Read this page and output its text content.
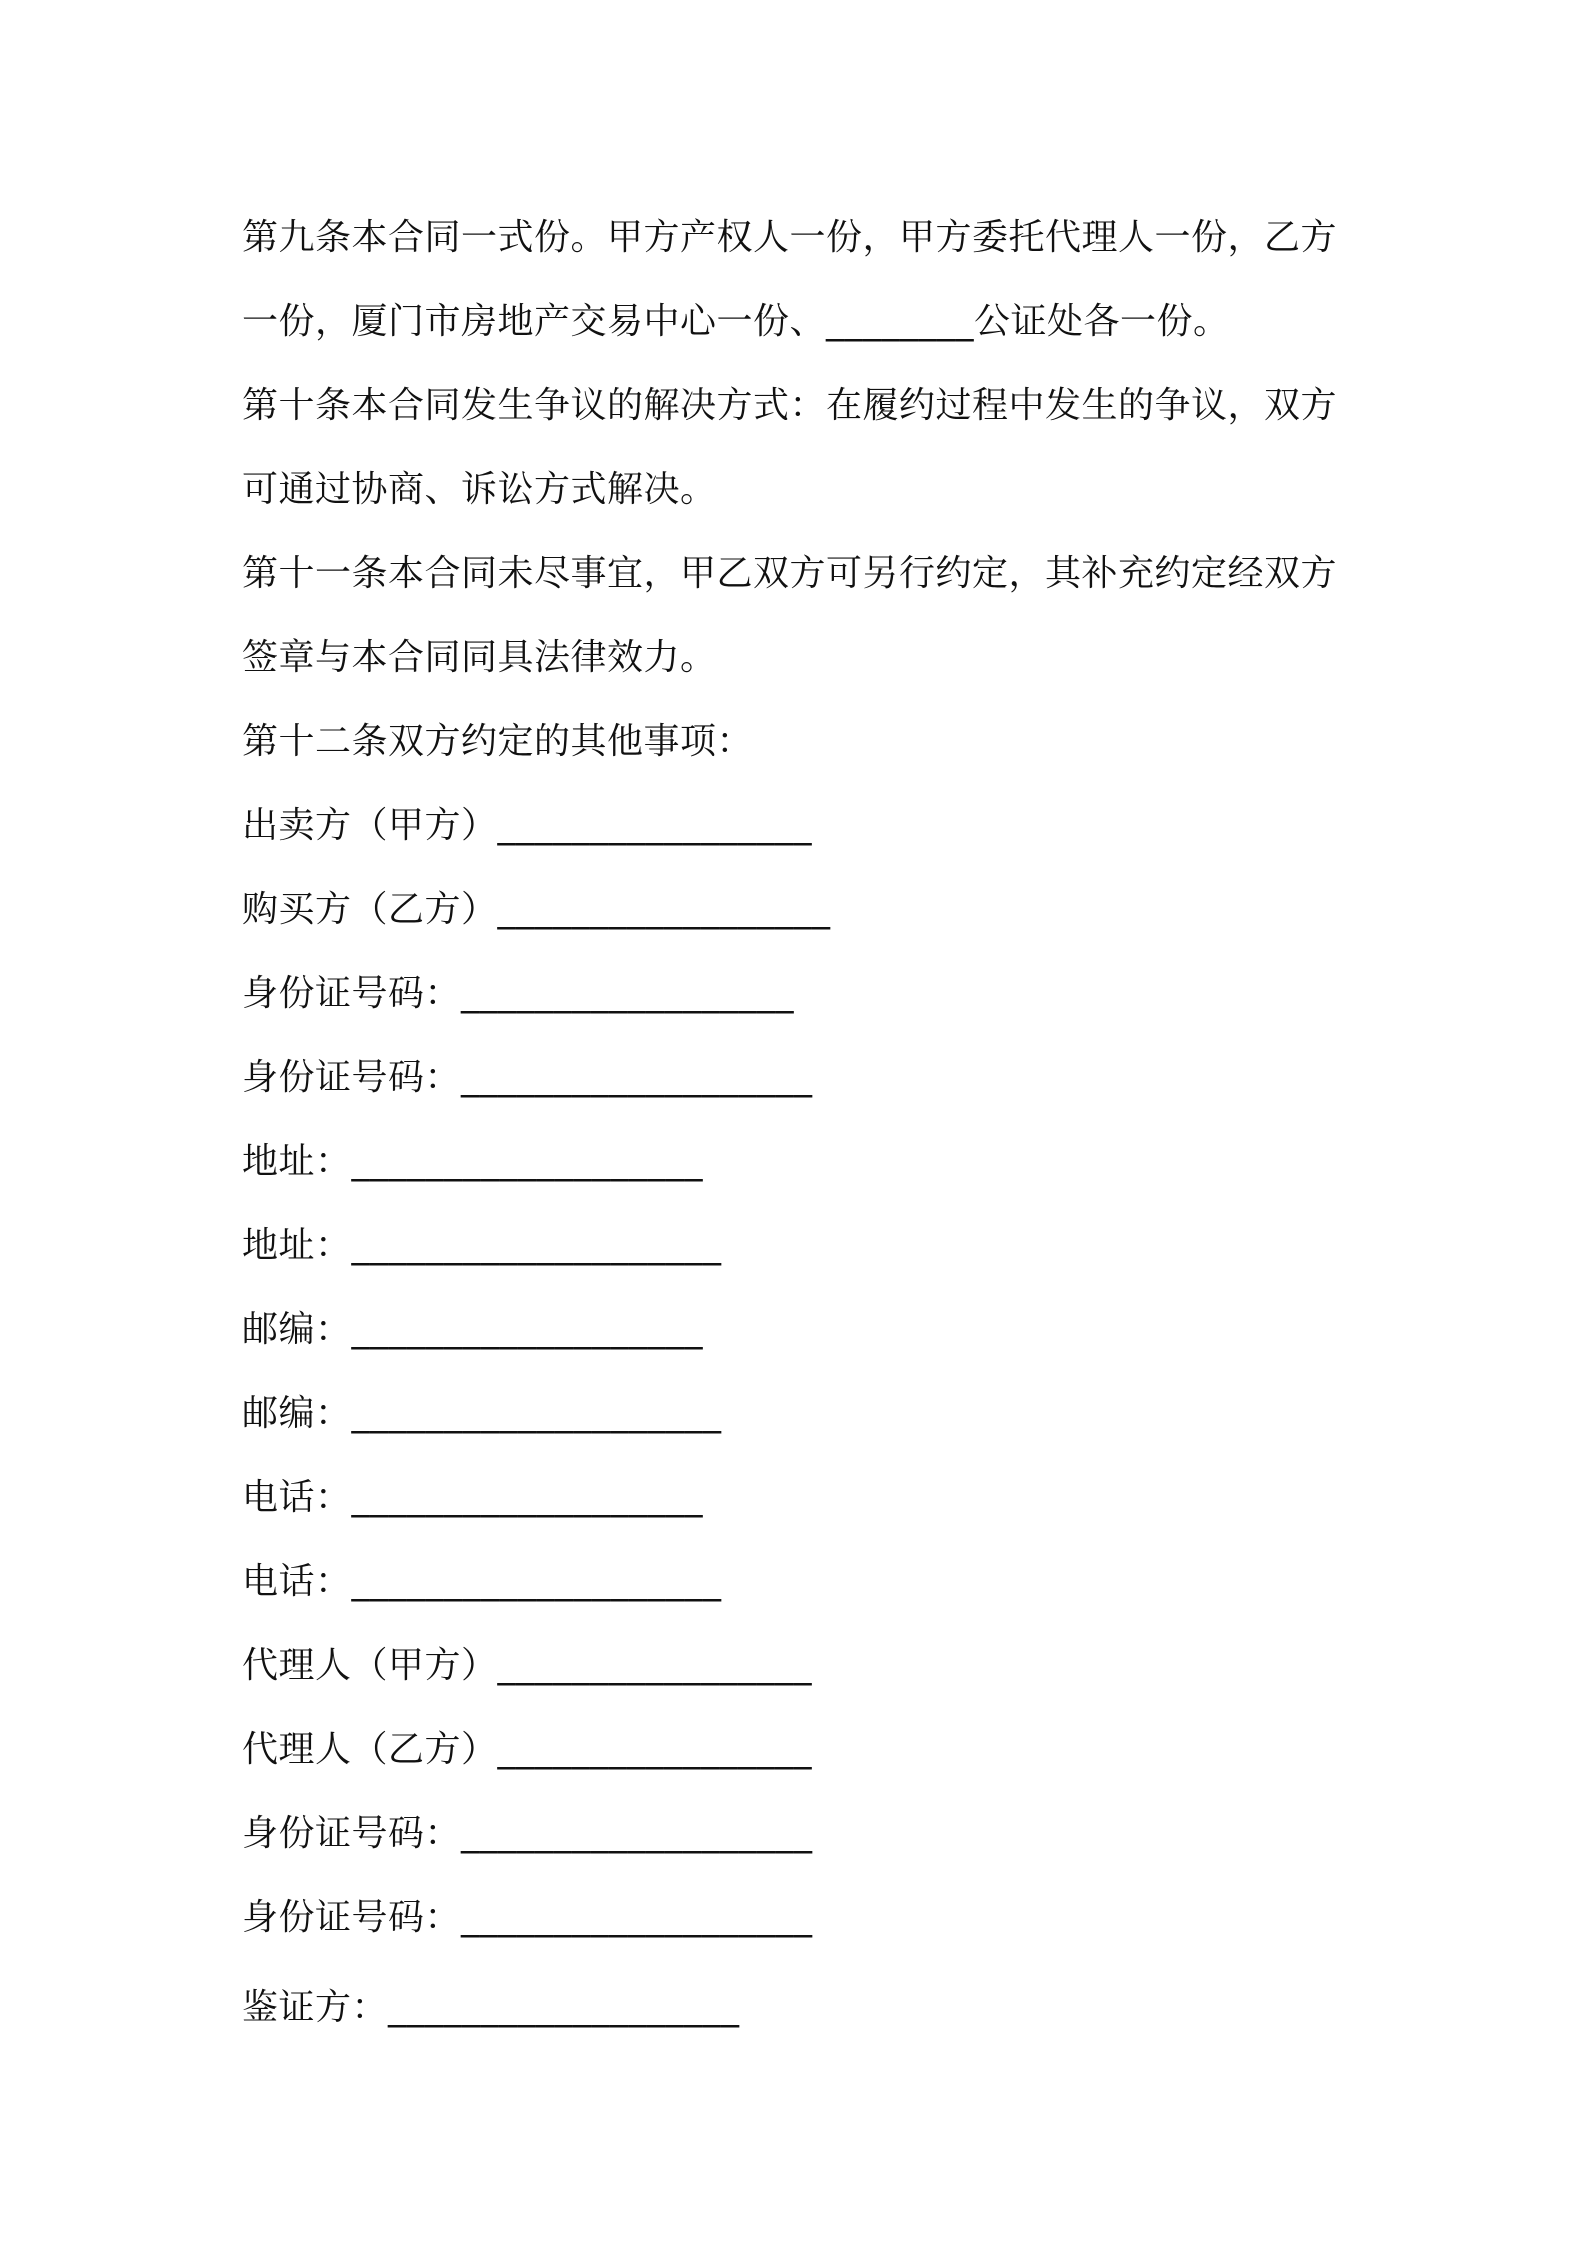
第九条本合同一式份。甲方产权人一份，甲方委托代理人一份，乙方
一份，厦门市房地产交易中心一份、________公证处各一份。
第十条本合同发生争议的解决方式：在履约过程中发生的争议，双方
可通过协商、诉讼方式解决。
第十一条本合同未尽事宜，甲乙双方可另行约定，其补充约定经双方
签章与本合同同具法律效力。
第十二条双方约定的其他事项：
出卖方（甲方）_________________
购买方（乙方）__________________
身份证号码：__________________
身份证号码：___________________
地址：___________________
地址：____________________
邮编：___________________
邮编：____________________
电话：___________________
电话：____________________
代理人（甲方）_________________
代理人（乙方）_________________
身份证号码：___________________
身份证号码：___________________
鉴证方：___________________
